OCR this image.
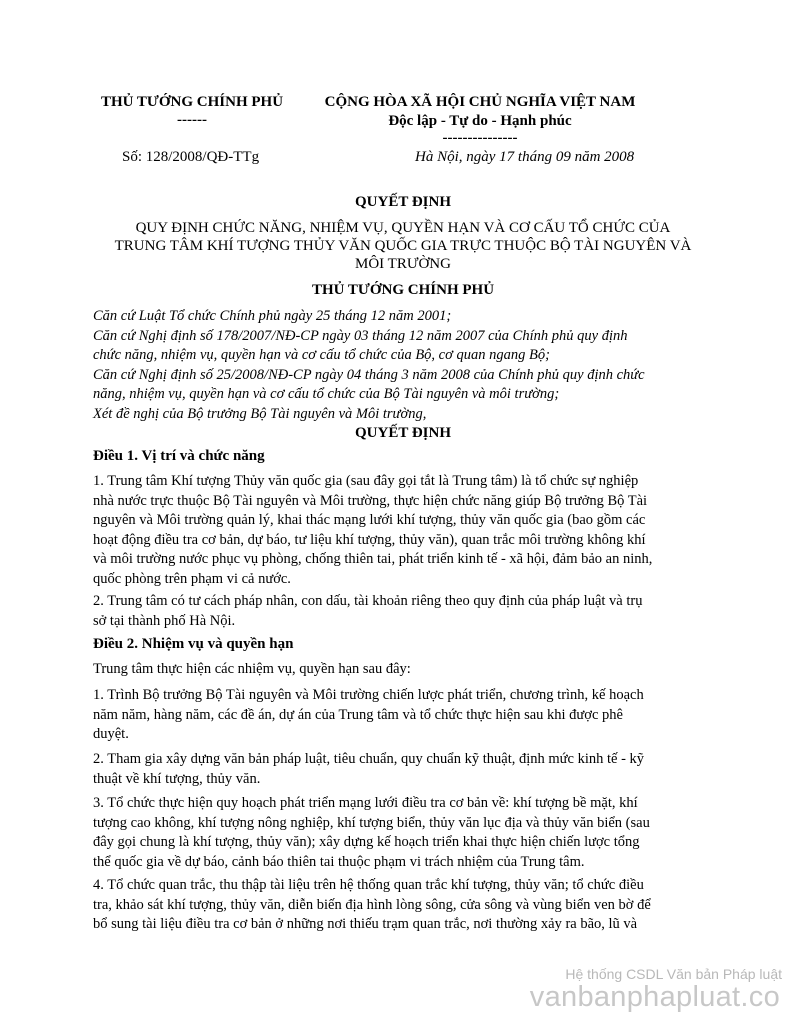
THỦ TƯỚNG CHÍNH PHỦ
------
Số: 128/2008/QĐ-TTg
CỘNG HÒA XÃ HỘI CHỦ NGHĨA VIỆT NAM
Độc lập - Tự do - Hạnh phúc
---------------
Hà Nội, ngày 17 tháng 09 năm 2008
QUYẾT ĐỊNH
QUY ĐỊNH CHỨC NĂNG, NHIỆM VỤ, QUYỀN HẠN VÀ CƠ CẤU TỔ CHỨC CỦA
TRUNG TÂM KHÍ TƯỢNG THỦY VĂN QUỐC GIA TRỰC THUỘC BỘ TÀI NGUYÊN VÀ
MÔI TRƯỜNG
THỦ TƯỚNG CHÍNH PHỦ

Căn cứ Luật Tổ chức Chính phủ ngày 25 tháng 12 năm 2001;

Căn cứ Nghị định số 178/2007/NĐ-CP ngày 03 tháng 12 năm 2007 của Chính phủ quy định

chức năng, nhiệm vụ, quyền hạn và cơ cấu tổ chức của Bộ, cơ quan ngang Bộ;

Căn cứ Nghị định số 25/2008/NĐ-CP ngày 04 tháng 3 năm 2008 của Chính phủ quy định chức

năng, nhiệm vụ, quyền hạn và cơ cấu tổ chức của Bộ Tài nguyên và môi trường;

Xét đề nghị của Bộ trưởng Bộ Tài nguyên và Môi trường,

QUYẾT ĐỊNH
Điều 1. Vị trí và chức năng

1. Trung tâm Khí tượng Thủy văn quốc gia (sau đây gọi tắt là Trung tâm) là tổ chức sự nghiệp

nhà nước trực thuộc Bộ Tài nguyên và Môi trường, thực hiện chức năng giúp Bộ trưởng Bộ Tài

nguyên và Môi trường quản lý, khai thác mạng lưới khí tượng, thủy văn quốc gia (bao gồm các

hoạt động điều tra cơ bản, dự báo, tư liệu khí tượng, thủy văn), quan trắc môi trường không khí

và môi trường nước phục vụ phòng, chống thiên tai, phát triển kinh tế - xã hội, đảm bảo an ninh,

quốc phòng trên phạm vi cả nước.

2. Trung tâm có tư cách pháp nhân, con dấu, tài khoản riêng theo quy định của pháp luật và trụ

sở tại thành phố Hà Nội.

Điều 2. Nhiệm vụ và quyền hạn

Trung tâm thực hiện các nhiệm vụ, quyền hạn sau đây:

1. Trình Bộ trưởng Bộ Tài nguyên và Môi trường chiến lược phát triển, chương trình, kế hoạch

năm năm, hàng năm, các đề án, dự án của Trung tâm và tổ chức thực hiện sau khi được phê

duyệt.

2. Tham gia xây dựng văn bản pháp luật, tiêu chuẩn, quy chuẩn kỹ thuật, định mức kinh tế - kỹ

thuật về khí tượng, thủy văn.

3. Tổ chức thực hiện quy hoạch phát triển mạng lưới điều tra cơ bản về: khí tượng bề mặt, khí

tượng cao không, khí tượng nông nghiệp, khí tượng biển, thủy văn lục địa và thủy văn biển (sau

đây gọi chung là khí tượng, thủy văn); xây dựng kế hoạch triển khai thực hiện chiến lược tổng

thể quốc gia về dự báo, cảnh báo thiên tai thuộc phạm vi trách nhiệm của Trung tâm.

4. Tổ chức quan trắc, thu thập tài liệu trên hệ thống quan trắc khí tượng, thủy văn; tổ chức điều

tra, khảo sát khí tượng, thủy văn, diễn biến địa hình lòng sông, cửa sông và vùng biển ven bờ để

bổ sung tài liệu điều tra cơ bản ở những nơi thiếu trạm quan trắc, nơi thường xảy ra bão, lũ và

Hệ thống CSDL Văn bản Pháp luật
vanbanphapluat.co
